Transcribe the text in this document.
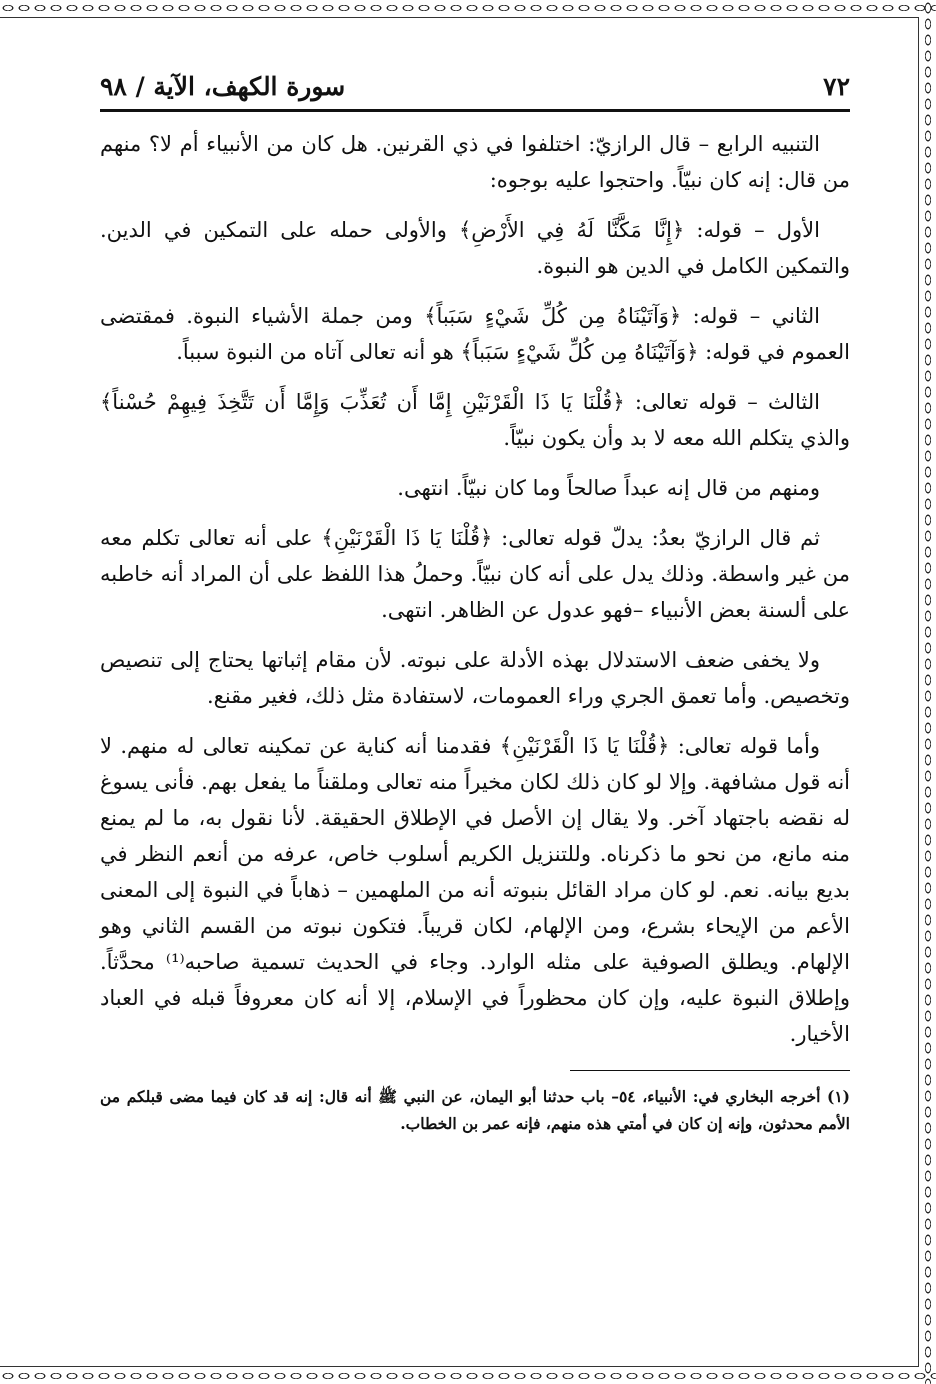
٧٢
سورة الكهف، الآية / ٩٨

التنبيه الرابع – قال الرازيّ: اختلفوا في ذي القرنين. هل كان من الأنبياء أم لا؟ منهم من قال: إنه كان نبيّاً. واحتجوا عليه بوجوه:

الأول – قوله: ﴿إِنَّا مَكَّنَّا لَهُ فِي الأَرْضِ﴾ والأولى حمله على التمكين في الدين. والتمكين الكامل في الدين هو النبوة.

الثاني – قوله: ﴿وَآتَيْنَاهُ مِن كُلِّ شَيْءٍ سَبَباً﴾ ومن جملة الأشياء النبوة. فمقتضى العموم في قوله: ﴿وَآتَيْنَاهُ مِن كُلِّ شَيْءٍ سَبَباً﴾ هو أنه تعالى آتاه من النبوة سبباً.

الثالث – قوله تعالى: ﴿قُلْنَا يَا ذَا الْقَرْنَيْنِ إِمَّا أَن تُعَذِّبَ وَإِمَّا أَن تَتَّخِذَ فِيهِمْ حُسْناً﴾ والذي يتكلم الله معه لا بد وأن يكون نبيّاً.

ومنهم من قال إنه عبداً صالحاً وما كان نبيّاً. انتهى.

ثم قال الرازيّ بعدُ: يدلّ قوله تعالى: ﴿قُلْنَا يَا ذَا الْقَرْنَيْنِ﴾ على أنه تعالى تكلم معه من غير واسطة. وذلك يدل على أنه كان نبيّاً. وحملُ هذا اللفظ على أن المراد أنه خاطبه على ألسنة بعض الأنبياء –فهو عدول عن الظاهر. انتهى.

ولا يخفى ضعف الاستدلال بهذه الأدلة على نبوته. لأن مقام إثباتها يحتاج إلى تنصيص وتخصيص. وأما تعمق الجري وراء العمومات، لاستفادة مثل ذلك، فغير مقنع.

وأما قوله تعالى: ﴿قُلْنَا يَا ذَا الْقَرْنَيْنِ﴾ فقدمنا أنه كناية عن تمكينه تعالى له منهم. لا أنه قول مشافهة. وإلا لو كان ذلك لكان مخيراً منه تعالى وملقناً ما يفعل بهم. فأنى يسوغ له نقضه باجتهاد آخر. ولا يقال إن الأصل في الإطلاق الحقيقة. لأنا نقول به، ما لم يمنع منه مانع، من نحو ما ذكرناه. وللتنزيل الكريم أسلوب خاص، عرفه من أنعم النظر في بديع بيانه. نعم. لو كان مراد القائل بنبوته أنه من الملهمين – ذهاباً في النبوة إلى المعنى الأعم من الإيحاء بشرع، ومن الإلهام، لكان قريباً. فتكون نبوته من القسم الثاني وهو الإلهام. ويطلق الصوفية على مثله الوارد. وجاء في الحديث تسمية صاحبه⁽¹⁾ محدَّثاً. وإطلاق النبوة عليه، وإن كان محظوراً في الإسلام، إلا أنه كان معروفاً قبله في العباد الأخيار.

(١) أخرجه البخاري في: الأنبياء، ٥٤– باب حدثنا أبو اليمان، عن النبي ﷺ أنه قال: إنه قد كان فيما مضى قبلكم من الأمم محدثون، وإنه إن كان في أمتي هذه منهم، فإنه عمر بن الخطاب.
